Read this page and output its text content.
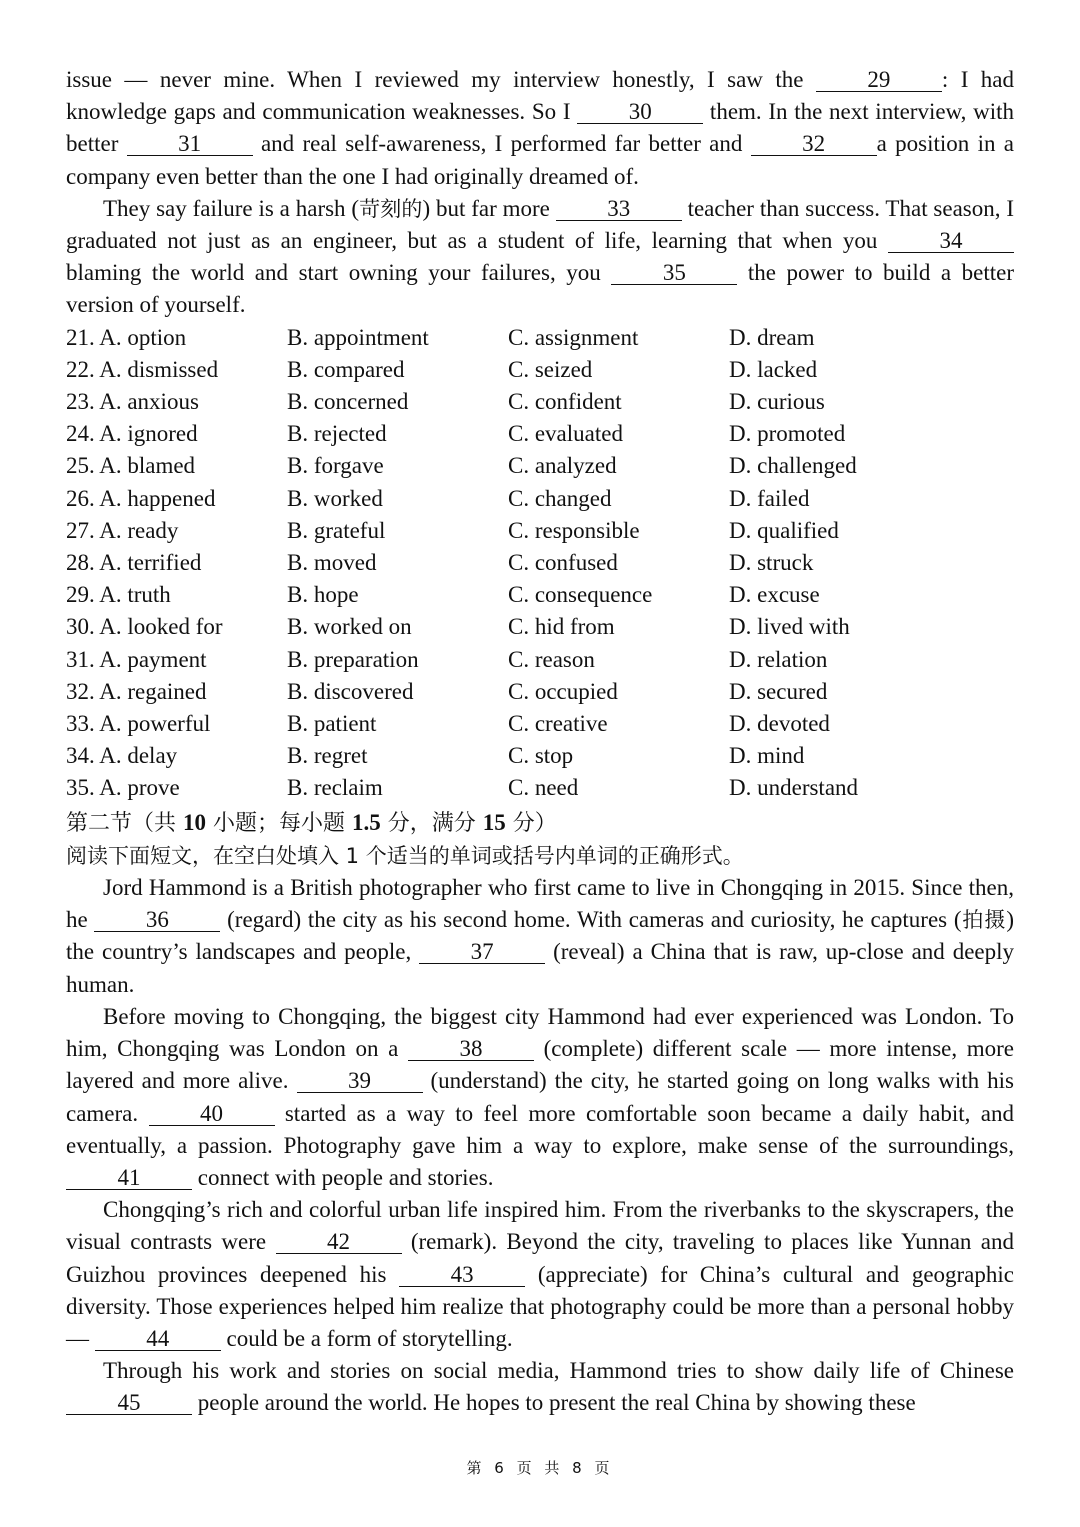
issue — never mine. When I reviewed my interview honestly, I saw the 29 : I had knowledge gaps and communication weaknesses. So I 30 them. In the next interview, with better 31 and real self-awareness, I performed far better and 32 a position in a company even better than the one I had originally dreamed of.

They say failure is a harsh (苛刻的) but far more 33 teacher than success. That season, I graduated not just as an engineer, but as a student of life, learning that when you 34 blaming the world and start owning your failures, you 35 the power to build a better version of yourself.

21. A. option	B. appointment	C. assignment	D. dream
22. A. dismissed	B. compared	C. seized	D. lacked
23. A. anxious	B. concerned	C. confident	D. curious
24. A. ignored	B. rejected	C. evaluated	D. promoted
25. A. blamed	B. forgave	C. analyzed	D. challenged
26. A. happened	B. worked	C. changed	D. failed
27. A. ready	B. grateful	C. responsible	D. qualified
28. A. terrified	B. moved	C. confused	D. struck
29. A. truth	B. hope	C. consequence	D. excuse
30. A. looked for	B. worked on	C. hid from	D. lived with
31. A. payment	B. preparation	C. reason	D. relation
32. A. regained	B. discovered	C. occupied	D. secured
33. A. powerful	B. patient	C. creative	D. devoted
34. A. delay	B. regret	C. stop	D. mind
35. A. prove	B. reclaim	C. need	D. understand
第二节（共 10 小题；每小题 1.5 分，满分 15 分）
阅读下面短文，在空白处填入 1 个适当的单词或括号内单词的正确形式。

Jord Hammond is a British photographer who first came to live in Chongqing in 2015. Since then, he 36 (regard) the city as his second home. With cameras and curiosity, he captures (拍摄) the country’s landscapes and people, 37 (reveal) a China that is raw, up-close and deeply human.

Before moving to Chongqing, the biggest city Hammond had ever experienced was London. To him, Chongqing was London on a 38 (complete) different scale — more intense, more layered and more alive. 39 (understand) the city, he started going on long walks with his camera. 40 started as a way to feel more comfortable soon became a daily habit, and eventually, a passion. Photography gave him a way to explore, make sense of the surroundings, 41 connect with people and stories.

Chongqing’s rich and colorful urban life inspired him. From the riverbanks to the skyscrapers, the visual contrasts were 42 (remark). Beyond the city, traveling to places like Yunnan and Guizhou provinces deepened his 43 (appreciate) for China’s cultural and geographic diversity. Those experiences helped him realize that photography could be more than a personal hobby — 44 could be a form of storytelling.

Through his work and stories on social media, Hammond tries to show daily life of Chinese 45 people around the world. He hopes to present the real China by showing these

第 6 页 共 8 页
